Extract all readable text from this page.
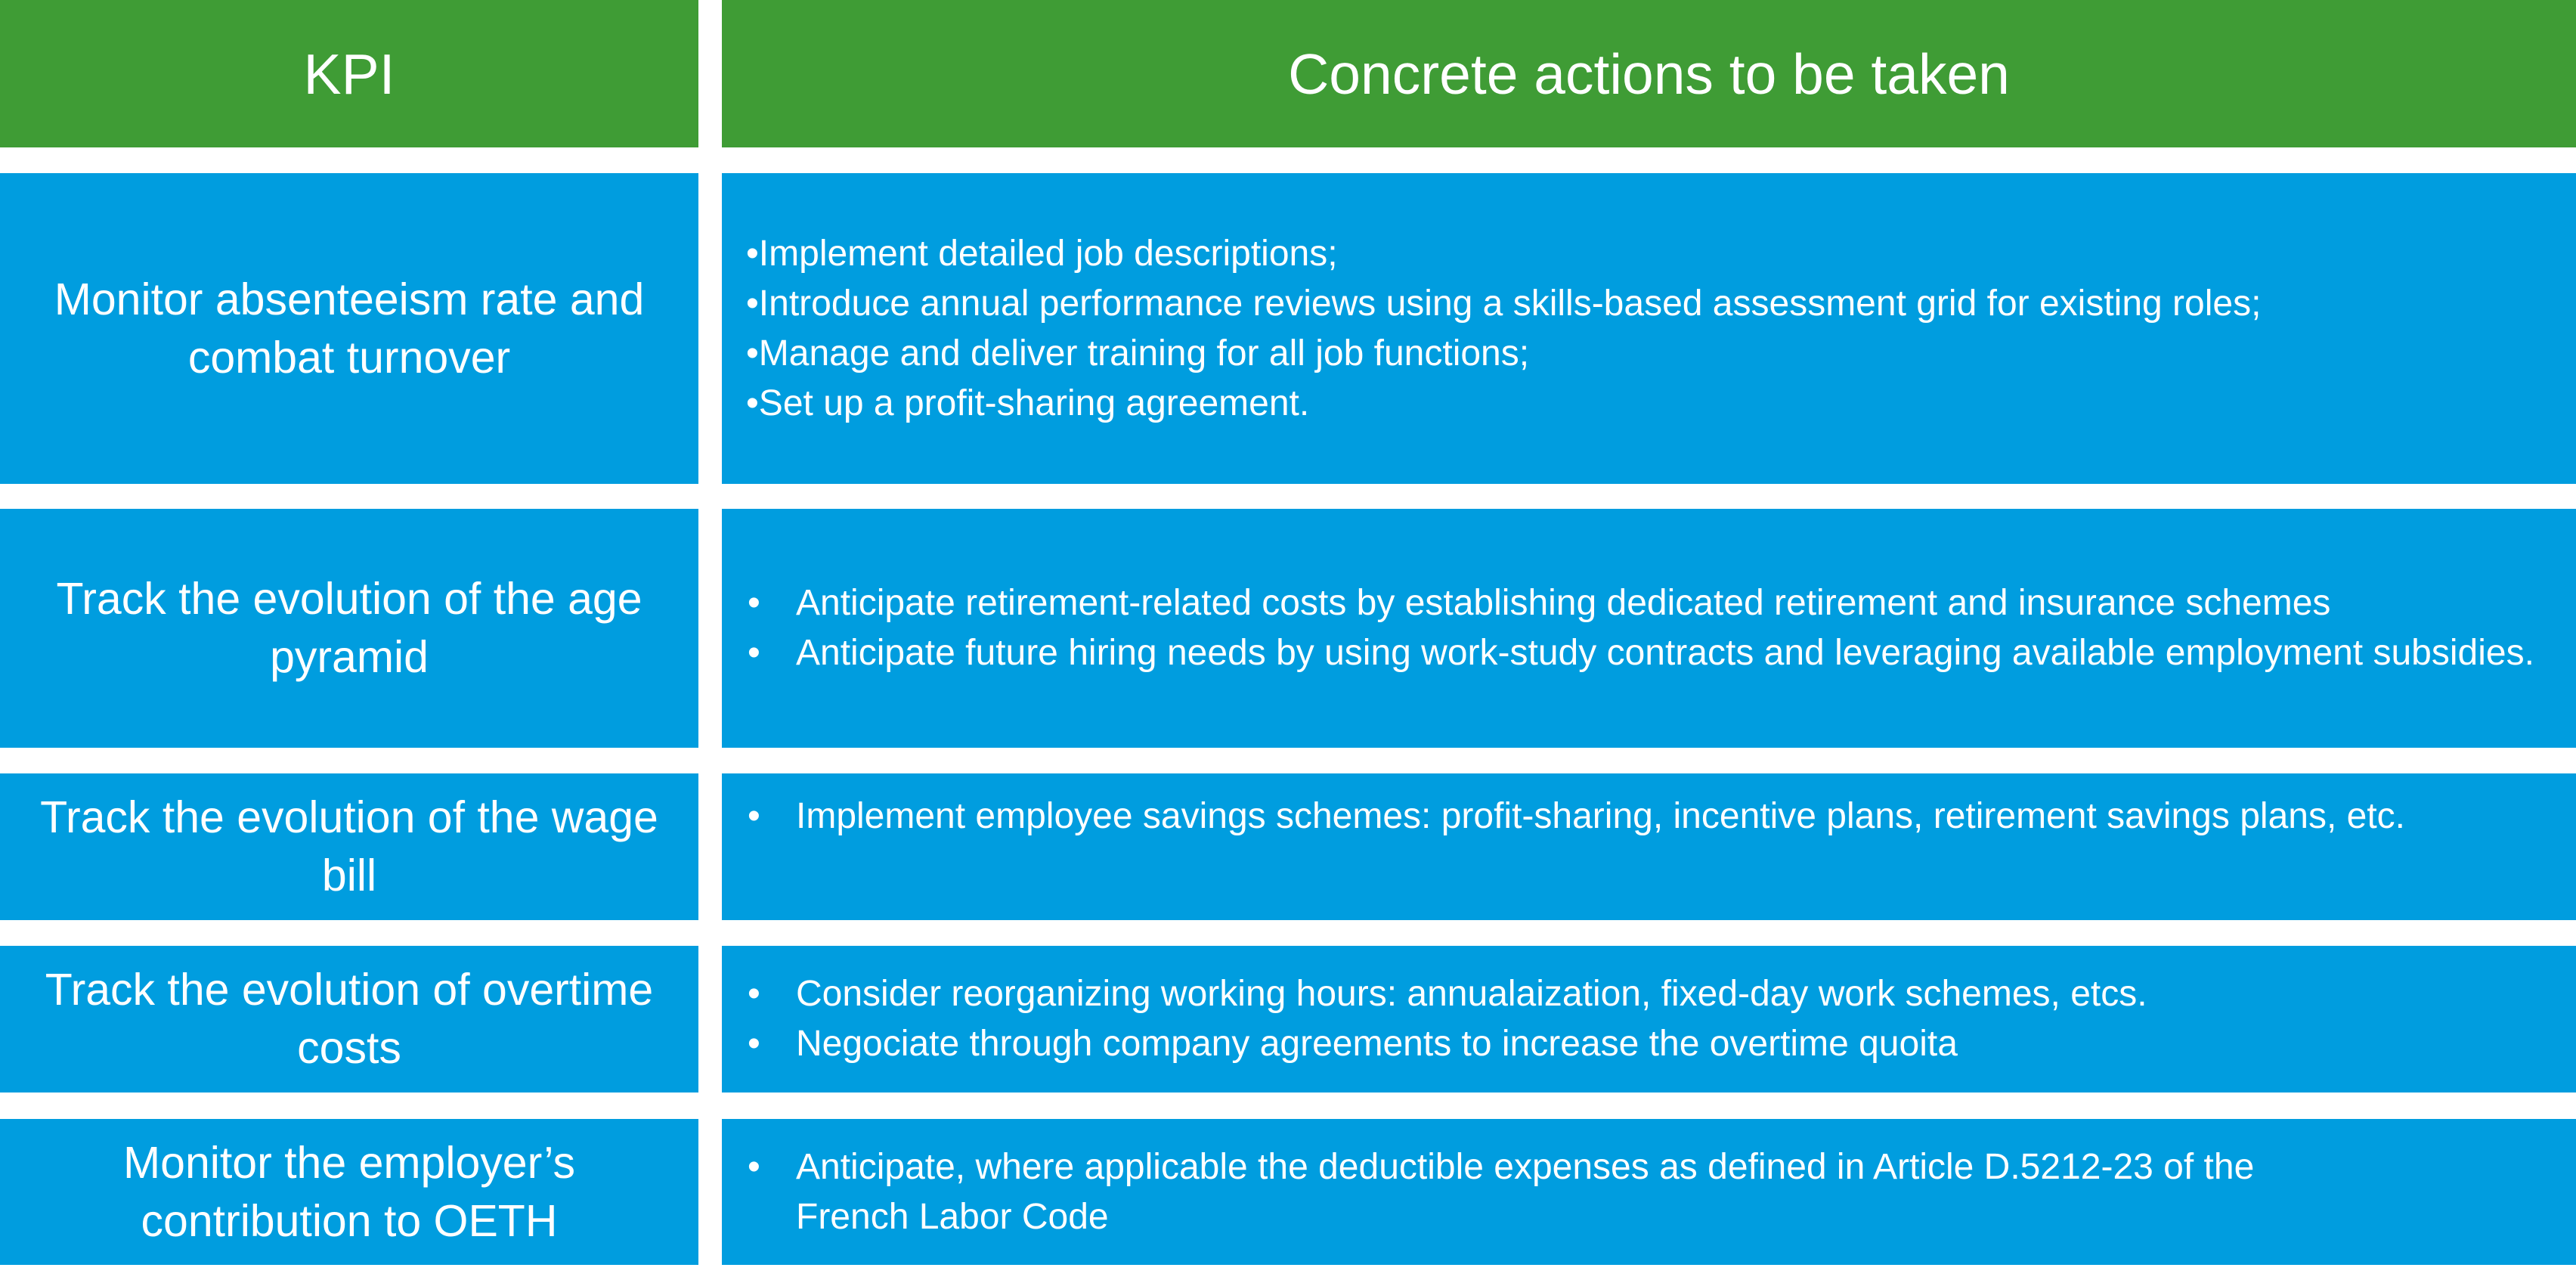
KPI	Concrete actions to be taken
Monitor absenteeism rate and combat turnover
•Implement detailed job descriptions;
•Introduce annual performance reviews using a skills-based assessment grid for existing roles;
•Manage and deliver training for all job functions;
•Set up a profit-sharing agreement.
Track the evolution of the age pyramid
• Anticipate retirement-related costs by establishing dedicated retirement and insurance schemes
• Anticipate future hiring needs by using work-study contracts and leveraging available employment subsidies.
Track the evolution of the wage bill
• Implement employee savings schemes: profit-sharing, incentive plans, retirement savings plans, etc.
Track the evolution of overtime costs
• Consider reorganizing working hours: annualaization, fixed-day work schemes, etcs.
• Negociate through company agreements to increase the overtime quoita
Monitor the employer’s contribution to OETH
• Anticipate, where applicable the deductible expenses as defined in Article D.5212-23 of the French Labor Code
